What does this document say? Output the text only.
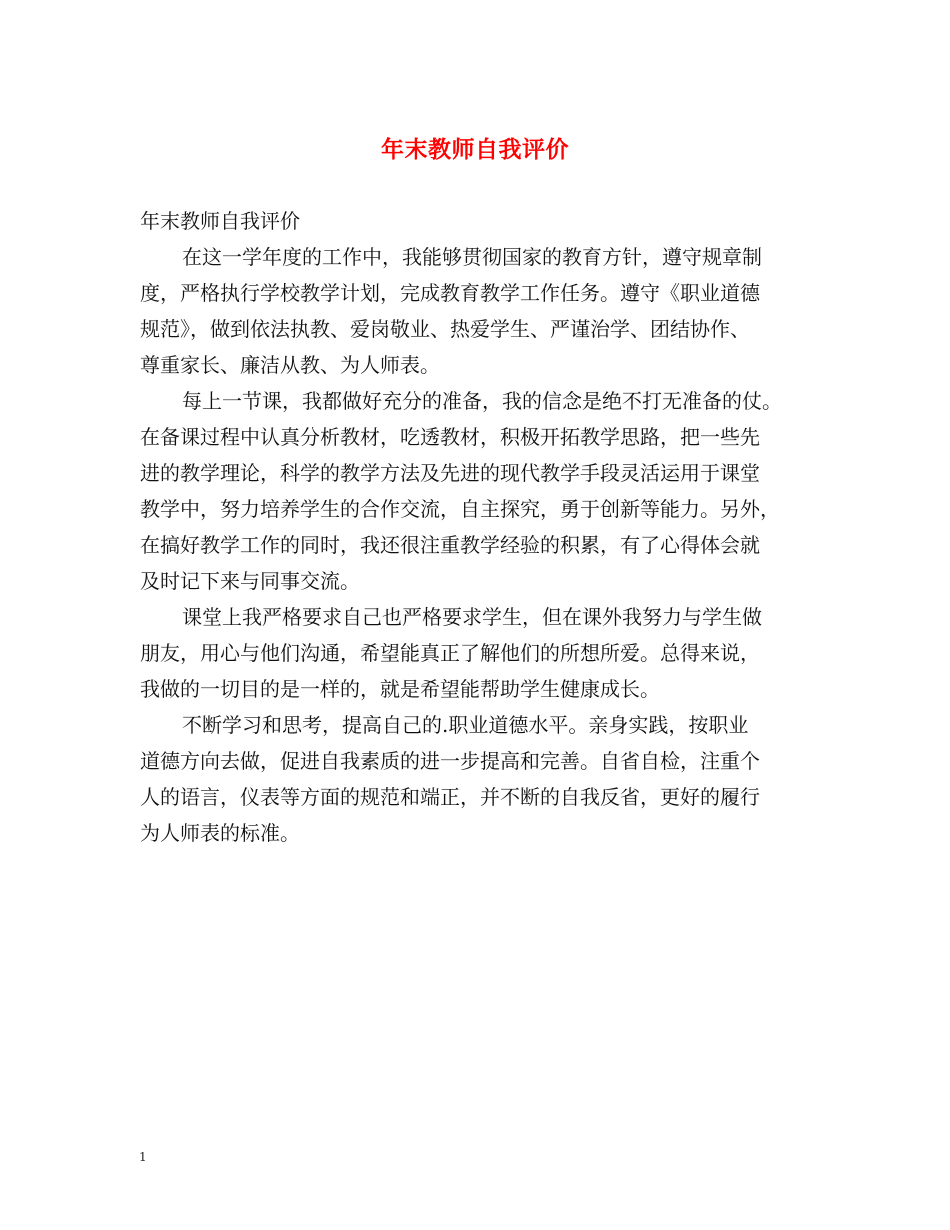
年末教师自我评价
年末教师自我评价
在这一学年度的工作中，我能够贯彻国家的教育方针，遵守规章制
度，严格执行学校教学计划，完成教育教学工作任务。遵守《职业道德
规范》，做到依法执教、爱岗敬业、热爱学生、严谨治学、团结协作、
尊重家长、廉洁从教、为人师表。
每上一节课，我都做好充分的准备，我的信念是绝不打无准备的仗。
在备课过程中认真分析教材，吃透教材，积极开拓教学思路，把一些先
进的教学理论，科学的教学方法及先进的现代教学手段灵活运用于课堂
教学中，努力培养学生的合作交流，自主探究，勇于创新等能力。另外，
在搞好教学工作的同时，我还很注重教学经验的积累，有了心得体会就
及时记下来与同事交流。
课堂上我严格要求自己也严格要求学生，但在课外我努力与学生做
朋友，用心与他们沟通，希望能真正了解他们的所想所爱。总得来说，
我做的一切目的是一样的，就是希望能帮助学生健康成长。
不断学习和思考，提高自己的.职业道德水平。亲身实践，按职业
道德方向去做，促进自我素质的进一步提高和完善。自省自检，注重个
人的语言，仪表等方面的规范和端正，并不断的自我反省，更好的履行
为人师表的标准。
1
